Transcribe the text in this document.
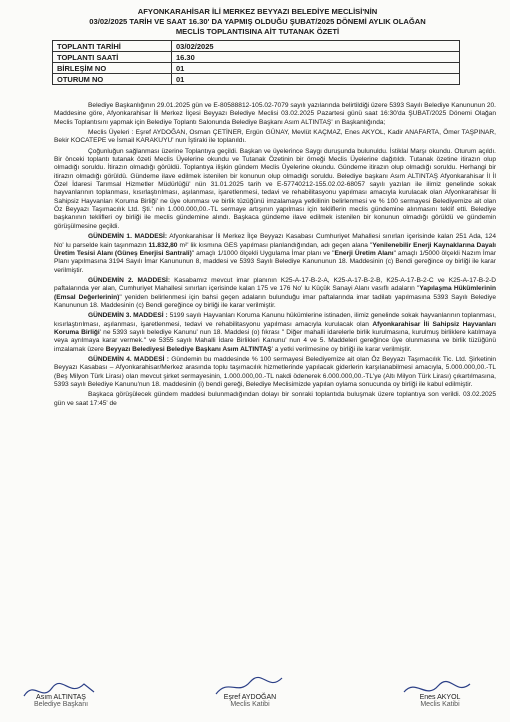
AFYONKARAHİSAR İLİ MERKEZ BEYYAZI BELEDİYE MECLİSİ'NİN
03/02/2025 TARİH VE SAAT 16.30' DA YAPMIŞ OLDUĞU ŞUBAT/2025 DÖNEMİ AYLIK OLAĞAN
MECLİS TOPLANTISINA AİT TUTANAK ÖZETİ
TOPLANTI TARİHİ	03/02/2025
TOPLANTI SAATİ	16.30
BİRLEŞİM NO	01
OTURUM NO	01

Belediye Başkanlığının 29.01.2025 gün ve E-80588812-105.02-7079 sayılı yazılarında belirtildiği üzere 5393 Sayılı Belediye Kanununun 20. Maddesine göre, Afyonkarahisar İli Merkez İlçesi Beyyazı Belediye Meclisi 03.02.2025 Pazartesi günü saat 16:30'da ŞUBAT/2025 Dönemi Olağan Meclis Toplantısını yapmak için Belediye Toplantı Salonunda Belediye Başkanı Asım ALTINTAŞ' ın Başkanlığında;

Meclis Üyeleri : Eşref AYDOĞAN, Osman ÇETİNER, Ergün GÜNAY, Mevlüt KAÇMAZ, Enes AKYOL, Kadir ANAFARTA, Ömer TAŞPINAR, Bekir KOCATEPE ve İsmail KARAKUYU' nun İştiraki ile toplanıldı.

Çoğunluğun sağlanması üzerine Toplantıya geçildi. Başkan ve üyelerince Saygı duruşunda bulunuldu. İstiklal Marşı okundu. Oturum açıldı. Bir önceki toplantı tutanak özeti Meclis Üyelerine okundu ve Tutanak Özetinin bir örneği Meclis Üyelerine dağıtıldı. Tutanak özetine itirazın olup olmadığı soruldu. İtirazın olmadığı görüldü. Toplantıya ilişkin gündem Meclis Üyelerine okundu. Gündeme itirazın olup olmadığı soruldu. Herhangi bir itirazın olmadığı görüldü. Gündeme ilave edilmek istenilen bir konunun olup olmadığı soruldu. Belediye başkanı Asım ALTINTAŞ Afyonkarahisar İl İl Özel İdaresi Tarımsal Hizmetler Müdürlüğü' nün 31.01.2025 tarih ve E-57740212-155.02.02-68057 sayılı yazıları ile ilimiz genelinde sokak hayvanlarının toplanması, kısırlaştırılması, aşılanması, işaretlenmesi, tedavi ve rehabilitasyonu yapılması amacıyla kurulacak olan Afyonkarahisar İli Sahipsiz Hayvanları Koruma Birliği' ne üye olunması ve birlik tüzüğünü imzalamaya yetkilinin belirlenmesi ve % 100 sermayesi Belediyemize ait olan Öz Beyyazı Taşımacılık Ltd. Şti.' nin 1.000.000,00.-TL sermaye artışının yapılması için tekliflerin meclis gündemine alınmasını teklif etti. Belediye başkanının teklifleri oy birliği ile meclis gündemine alındı. Başkaca gündeme ilave edilmek istenilen bir konunun olmadığı görüldü ve gündemin görüşülmesine geçildi.

GÜNDEMİN 1. MADDESİ: Afyonkarahisar İli Merkez İlçe Beyyazı Kasabası Cumhuriyet Mahallesi sınırları içerisinde kalan 251 Ada, 124 No' lu parselde kain taşınmazın 11.832,80 m²' lik kısmına GES yapılması planlandığından, adı geçen alana "Yenilenebilir Enerji Kaynaklarına Dayalı Üretim Tesisi Alanı (Güneş Enerjisi Santrali)" amaçlı 1/1000 ölçekli Uygulama İmar planı ve "Enerji Üretim Alanı" amaçlı 1/5000 ölçekli Nazım İmar Planı yapılmasına 3194 Sayılı İmar Kanununun 8, maddesi ve 5393 Sayılı Belediye Kanununun 18. Maddesinin (c) Bendi gereğince oy birliği ile karar verilmiştir.

GÜNDEMİN 2. MADDESİ: Kasabamız mevcut imar planının K25-A-17-B-2-A, K25-A-17-B-2-B, K25-A-17-B-2-C ve K25-A-17-B-2-D paftalarında yer alan, Cumhuriyet Mahallesi sınırları içerisinde kalan 175 ve 176 No' lu Küçük Sanayi Alanı vasıflı adaların "Yapılaşma Hükümlerinin (Emsal Değerlerinin)" yeniden belirlenmesi için bahsi geçen adaların bulunduğu imar paftalarında imar tadilatı yapılmasına 5393 Sayılı Belediye Kanununun 18. Maddesinin (c) Bendi gereğince oy birliği ile karar verilmiştir.

GÜNDEMİN 3. MADDESİ : 5199 sayılı Hayvanları Koruma Kanunu hükümlerine istinaden, ilimiz genelinde sokak hayvanlarının toplanması, kısırlaştırılması, aşılanması, işaretlenmesi, tedavi ve rehabilitasyonu yapılması amacıyla kurulacak olan Afyonkarahisar İli Sahipsiz Hayvanları Koruma Birliği' ne 5393 sayılı belediye Kanunu' nun 18. Maddesi (o) fıkrası " Diğer mahalli idarelerle birlik kurulmasına, kurulmuş birliklere katılmaya veya ayrılmaya karar vermek." ve 5355 sayılı Mahalli İdare Birlikleri Kanunu' nun 4 ve 5. Maddeleri gereğince üye olunmasına ve birlik tüzüğünü imzalamak üzere Beyyazı Belediyesi Belediye Başkanı Asım ALTINTAŞ' a yetki verilmesine oy birliği ile karar verilmiştir.

GÜNDEMİN 4. MADDESİ : Gündemin bu maddesinde % 100 sermayesi Belediyemize ait olan Öz Beyyazı Taşımacılık Tic. Ltd. Şirketinin Beyyazı Kasabası – Afyonkarahisar/Merkez arasında toplu taşımacılık hizmetlerinde yapılacak giderlerin karşılanabilmesi amacıyla, 5.000.000,00.-TL (Beş Milyon Türk Lirası) olan mevcut şirket sermayesinin, 1.000.000,00.-TL nakdi ödenerek 6.000.000,00.-TL'ye (Altı Milyon Türk Lirası) çıkartılmasına, 5393 sayılı Belediye Kanunu'nun 18. maddesinin (i) bendi gereği, Belediye Meclisimizde yapılan oylama sonucunda oy birliği ile kabul edilmiştir.

Başkaca görüşülecek gündem maddesi bulunmadığından dolayı bir sonraki toplantıda buluşmak üzere toplantıya son verildi. 03.02.2025 gün ve saat 17:45' de

Asım ALTINTAŞ
Belediye Başkanı
Eşref AYDOĞAN
Meclis Katibi
Enes AKYOL
Meclis Katibi
